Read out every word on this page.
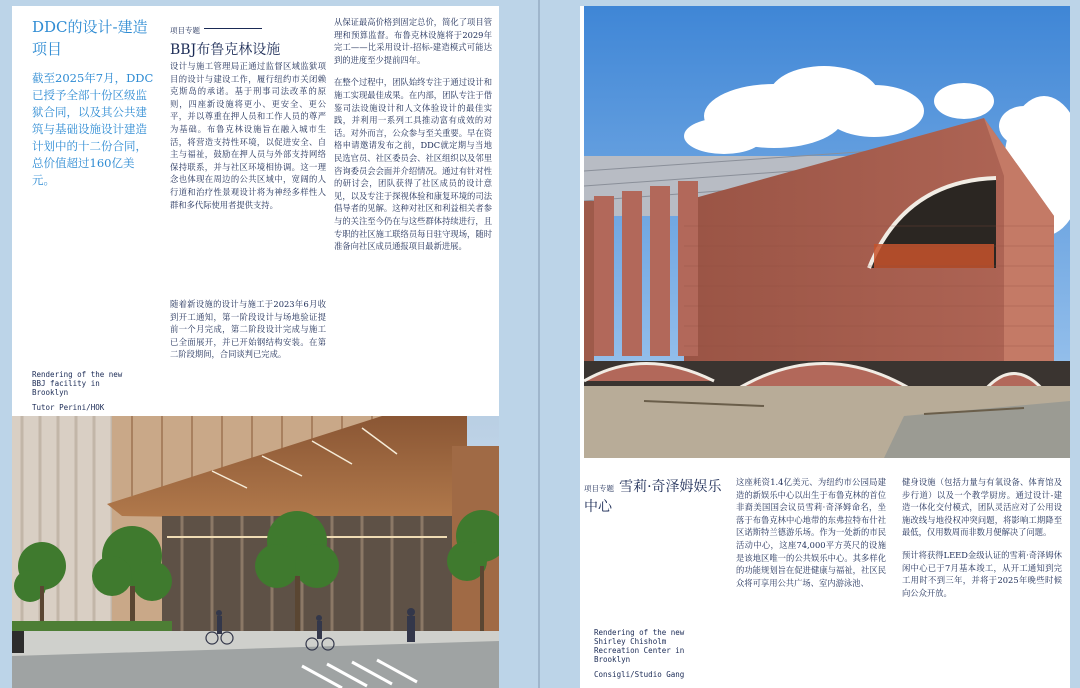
DDC的设计-建造项目
截至2025年7月，DDC已授予全部十份区级监狱合同，以及其公共建筑与基础设施设计建造计划中的十二份合同，总价值超过160亿美元。
项目专题
BBJ布鲁克林设施

设计与施工管理局正通过监督区域监狱项目的设计与建设工作，履行纽约市关闭赖克斯岛的承诺。基于刑事司法改革的原则，四座新设施将更小、更安全、更公平，并以尊重在押人员和工作人员的尊严为基础。布鲁克林设施旨在融入城市生活，将营造支持性环境，以促进安全、自主与福祉，鼓励在押人员与外部支持网络保持联系，并与社区环境相协调。这一理念也体现在周边的公共区域中，宽阔的人行道和治疗性景观设计将为神经多样性人群和多代际使用者提供支持。

随着新设施的设计与施工于2023年6月收到开工通知，第一阶段设计与场地验证提前一个月完成，第二阶段设计完成与施工已全面展开，并已开始钢结构安装。在第二阶段期间，合同谈判已完成。

从保证最高价格到固定总价，简化了项目管理和预算监督。布鲁克林设施将于2029年完工——比采用设计-招标-建造模式可能达到的进度至少提前四年。

在整个过程中，团队始终专注于通过设计和施工实现最佳成果。在内部，团队专注于借鉴司法设施设计和人文体验设计的最佳实践，并利用一系列工具推动富有成效的对话。对外而言，公众参与至关重要。早在资格申请邀请发布之前，DDC就定期与当地民选官员、社区委员会、社区组织以及邻里咨询委员会会面并介绍情况。通过有针对性的研讨会，团队获得了社区成员的设计意见，以及专注于探视体验和康复环境的司法倡导者的见解。这种对社区和利益相关者参与的关注至今仍在与这些群体持续进行，且专职的社区施工联络员每日驻守现场，随时准备向社区成员通报项目最新进展。

Rendering of the new BBJ facility in Brooklyn
Tutor Perini/HOK
项目专题 雪莉·奇泽姆娱乐中心

这座耗资1.4亿美元、为纽约市公园局建造的新娱乐中心以出生于布鲁克林的首位非裔美国国会议员雪莉·奇泽姆命名，坐落于布鲁克林中心地带的东弗拉特布什社区诺斯特兰德游乐场。作为一处新的市民活动中心，这座74,000平方英尺的设施是该地区唯一的公共娱乐中心。其多样化的功能规划旨在促进健康与福祉，社区民众将可享用公共广场、室内游泳池、

健身设施（包括力量与有氧设备、体育馆及步行道）以及一个教学厨房。通过设计-建造一体化交付模式，团队灵活应对了公用设施改线与地役权冲突问题，将影响工期降至最低，仅用数周而非数月便解决了问题。

预计将获得LEED金级认证的雪莉·奇泽姆休闲中心已于7月基本竣工，从开工通知到完工用时不到三年，并将于2025年晚些时候向公众开放。

Rendering of the new Shirley Chisholm Recreation Center in Brooklyn
Consigli/Studio Gang
